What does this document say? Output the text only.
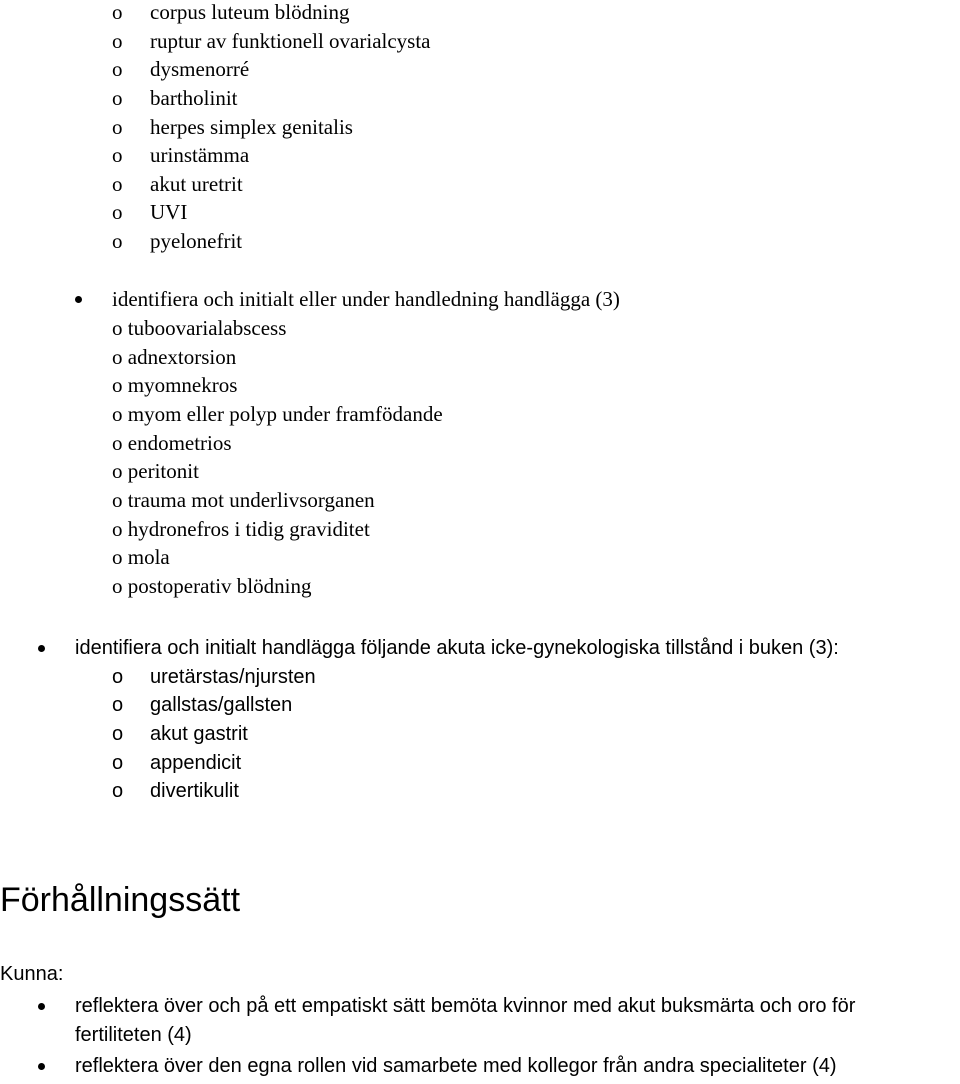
o corpus luteum blödning
o ruptur av funktionell ovarialcysta
o dysmenorré
o bartholinit
o herpes simplex genitalis
o urinstämma
o akut uretrit
o UVI
o pyelonefrit
identifiera och initialt eller under handledning handlägga (3)
o tuboovarialabscess
o adnextorsion
o myomnekros
o myom eller polyp under framfödande
o endometrios
o peritonit
o trauma mot underlivsorganen
o hydronefros i tidig graviditet
o mola
o postoperativ blödning
identifiera och initialt handlägga följande akuta icke-gynekologiska tillstånd i buken (3):
o uretärstas/njursten
o gallstas/gallsten
o akut gastrit
o appendicit
o divertikulit
Förhållningssätt
Kunna:
reflektera över och på ett empatiskt sätt bemöta kvinnor med akut buksmärta och oro för
fertiliteten (4)
reflektera över den egna rollen vid samarbete med kollegor från andra specialiteter (4)
